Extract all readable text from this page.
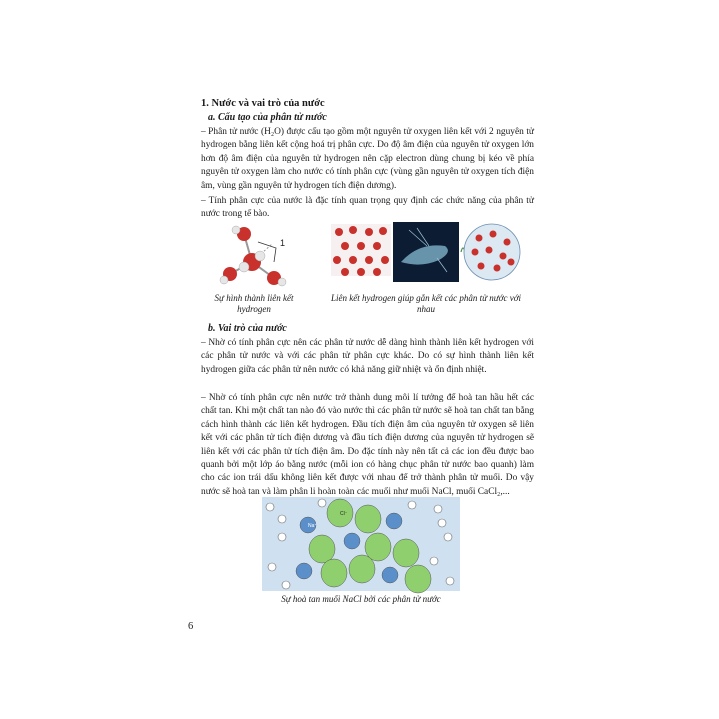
1. Nước và vai trò của nước
a. Cấu tạo của phân tử nước

– Phân tử nước (H₂O) được cấu tạo gồm một nguyên tử oxygen liên kết với 2 nguyên tử hydrogen bằng liên kết cộng hoá trị phân cực. Do độ âm điện của nguyên tử oxygen lớn hơn độ âm điện của nguyên tử hydrogen nên cặp electron dùng chung bị kéo về phía nguyên tử oxygen làm cho nước có tính phân cực (vùng gần nguyên tử oxygen tích điện âm, vùng gần nguyên tử hydrogen tích điện dương).

– Tính phân cực của nước là đặc tính quan trọng quy định các chức năng của phân tử nước trong tế bào.

1
Sự hình thành liên kết hydrogen
Liên kết hydrogen giúp gắn kết các phân tử nước với nhau
b. Vai trò của nước

– Nhờ có tính phân cực nên các phân tử nước dễ dàng hình thành liên kết hydrogen với các phân tử nước và với các phân tử phân cực khác. Do có sự hình thành liên kết hydrogen giữa các phân tử nên nước có khả năng giữ nhiệt và ổn định nhiệt.

– Nhờ có tính phân cực nên nước trở thành dung môi lí tưởng để hoà tan hầu hết các chất tan. Khi một chất tan nào đó vào nước thì các phân tử nước sẽ hoà tan chất tan bằng cách hình thành các liên kết hydrogen. Đầu tích điện âm của nguyên tử oxygen sẽ liên kết với các phân tử tích điện dương và đầu tích điện dương của nguyên tử hydrogen sẽ liên kết với các phân tử tích điện âm. Do đặc tính này nên tất cả các ion đều được bao quanh bởi một lớp áo bằng nước (mỗi ion có hàng chục phân tử nước bao quanh) làm cho các ion trái dấu không liên kết được với nhau để trở thành phân tử muối. Do vậy nước sẽ hoà tan và làm phân li hoàn toàn các muối như muối NaCl, muối CaCl₂,...

Na⁺
Cl⁻
Sự hoà tan muối NaCl bởi các phân tử nước
6
